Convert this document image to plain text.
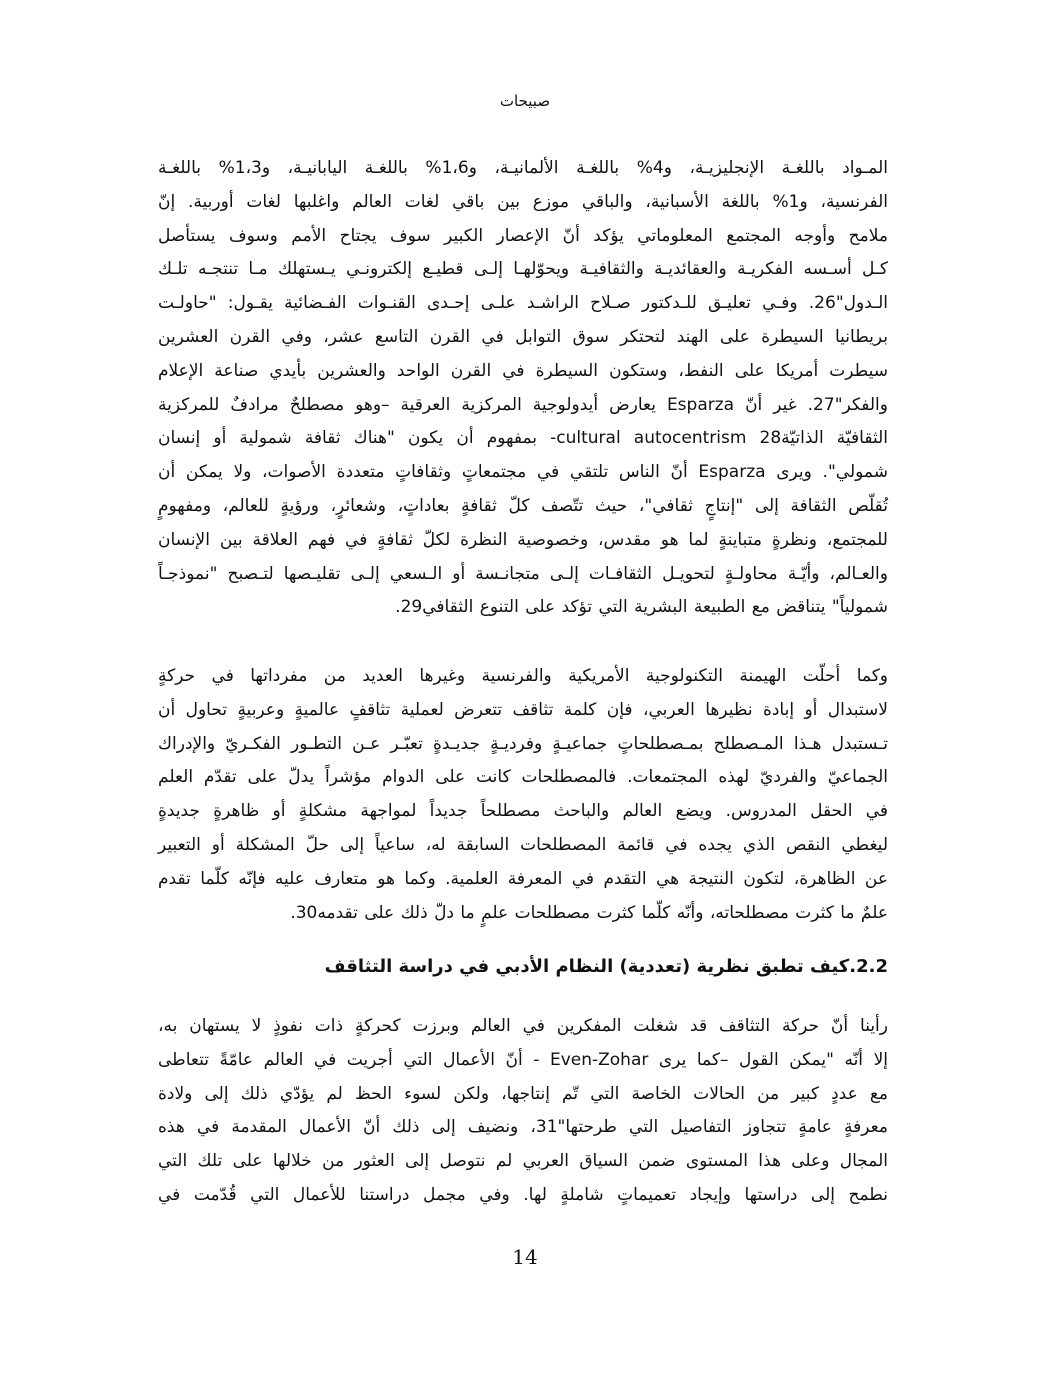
صبيحات
المـواد باللغـة الإنجليزيـة، و4% باللغـة الألمانيـة، و1،6% باللغـة اليابانيـة، و1،3% باللغـة
الفرنسية، و1% باللغة الأسبانية، والباقي موزع بين باقي لغات العالم واغلبها لغات أوربية. إنّ
ملامح وأوجه المجتمع المعلوماتي يؤكد أنّ الإعصار الكبير سوف يجتاح الأمم وسوف يستأصل
كـل أسـسه الفكريـة والعقائديـة والثقافيـة ويحوّلهـا إلـى قطيـع إلكترونـي يـستهلك مـا تنتجـه تلـك
الـدول"26. وفـي تعليـق للـدكتور صـلاح الراشـد علـى إحـدى القنـوات الفـضائية يقـول: "حاولـت
بريطانيا السيطرة على الهند لتحتكر سوق التوابل في القرن التاسع عشر، وفي القرن العشرين
سيطرت أمريكا على النفط، وستكون السيطرة في القرن الواحد والعشرين بأيدي صناعة الإعلام
والفكر"27. غير أنّ Esparza يعارض أيدولوجية المركزية العرقية –وهو مصطلحٌ مرادفٌ للمركزية
الثقافيّة الذاتيّة28 cultural autocentrism- بمفهوم أن يكون "هناك ثقافة شمولية أو إنسان
شمولي". ويرى Esparza أنّ الناس تلتقي في مجتمعاتٍ وثقافاتٍ متعددة الأصوات، ولا يمكن أن
تُقلّص الثقافة إلى "إنتاجٍ ثقافي"، حيث تتّصف كلّ ثقافةٍ بعاداتٍ، وشعائرٍ، ورؤيةٍ للعالم، ومفهومٍ
للمجتمع، ونظرةٍ متباينةٍ لما هو مقدس، وخصوصية النظرة لكلّ ثقافةٍ في فهم العلاقة بين الإنسان
والعـالم، وأيّـة محاولـةٍ لتحويـل الثقافـات إلـى متجانـسة أو الـسعي إلـى تقليـصها لتـصبح "نموذجـاً
شمولياً" يتناقض مع الطبيعة البشرية التي تؤكد على التنوع الثقافي29.
وكما أحلّت الهيمنة التكنولوجية الأمريكية والفرنسية وغيرها العديد من مفرداتها في حركةٍ
لاستبدال أو إبادة نظيرها العربي، فإن كلمة تثاقف تتعرض لعملية تثاقفٍ عالميةٍ وعربيةٍ تحاول أن
تـستبدل هـذا المـصطلح بمـصطلحاتٍ جماعيـةٍ وفرديـةٍ جديـدةٍ تعبّـر عـن التطـور الفكـريّ والإدراك
الجماعيّ والفرديّ لهذه المجتمعات. فالمصطلحات كانت على الدوام مؤشراً يدلّ على تقدّم العلم
في الحقل المدروس. ويضع العالم والباحث مصطلحاً جديداً لمواجهة مشكلةٍ أو ظاهرةٍ جديدةٍ
ليغطي النقص الذي يجده في قائمة المصطلحات السابقة له، ساعياً إلى حلّ المشكلة أو التعبير
عن الظاهرة، لتكون النتيجة هي التقدم في المعرفة العلمية. وكما هو متعارف عليه فإنّه كلّما تقدم
علمٌ ما كثرت مصطلحاته، وأنّه كلّما كثرت مصطلحات علمٍ ما دلّ ذلك على تقدمه30.
2.2.كيف تطبق نظرية (تعددية) النظام الأدبي في دراسة التثاقف
رأينا أنّ حركة التثاقف قد شغلت المفكرين في العالم وبرزت كحركةٍ ذات نفوذٍ لا يستهان به،
إلا أنّه "يمكن القول –كما يرى Even-Zohar - أنّ الأعمال التي أجريت في العالم عامّةً تتعاطى
مع عددٍ كبير من الحالات الخاصة التي تّم إنتاجها، ولكن لسوء الحظ لم يؤدّي ذلك إلى ولادة
معرفةٍ عامةٍ تتجاوز التفاصيل التي طرحتها"31، ونضيف إلى ذلك أنّ الأعمال المقدمة في هذه
المجال وعلى هذا المستوى ضمن السياق العربي لم نتوصل إلى العثور من خلالها على تلك التي
نطمح إلى دراستها وإيجاد تعميماتٍ شاملةٍ لها. وفي مجمل دراستنا للأعمال التي قُدّمت في
14
